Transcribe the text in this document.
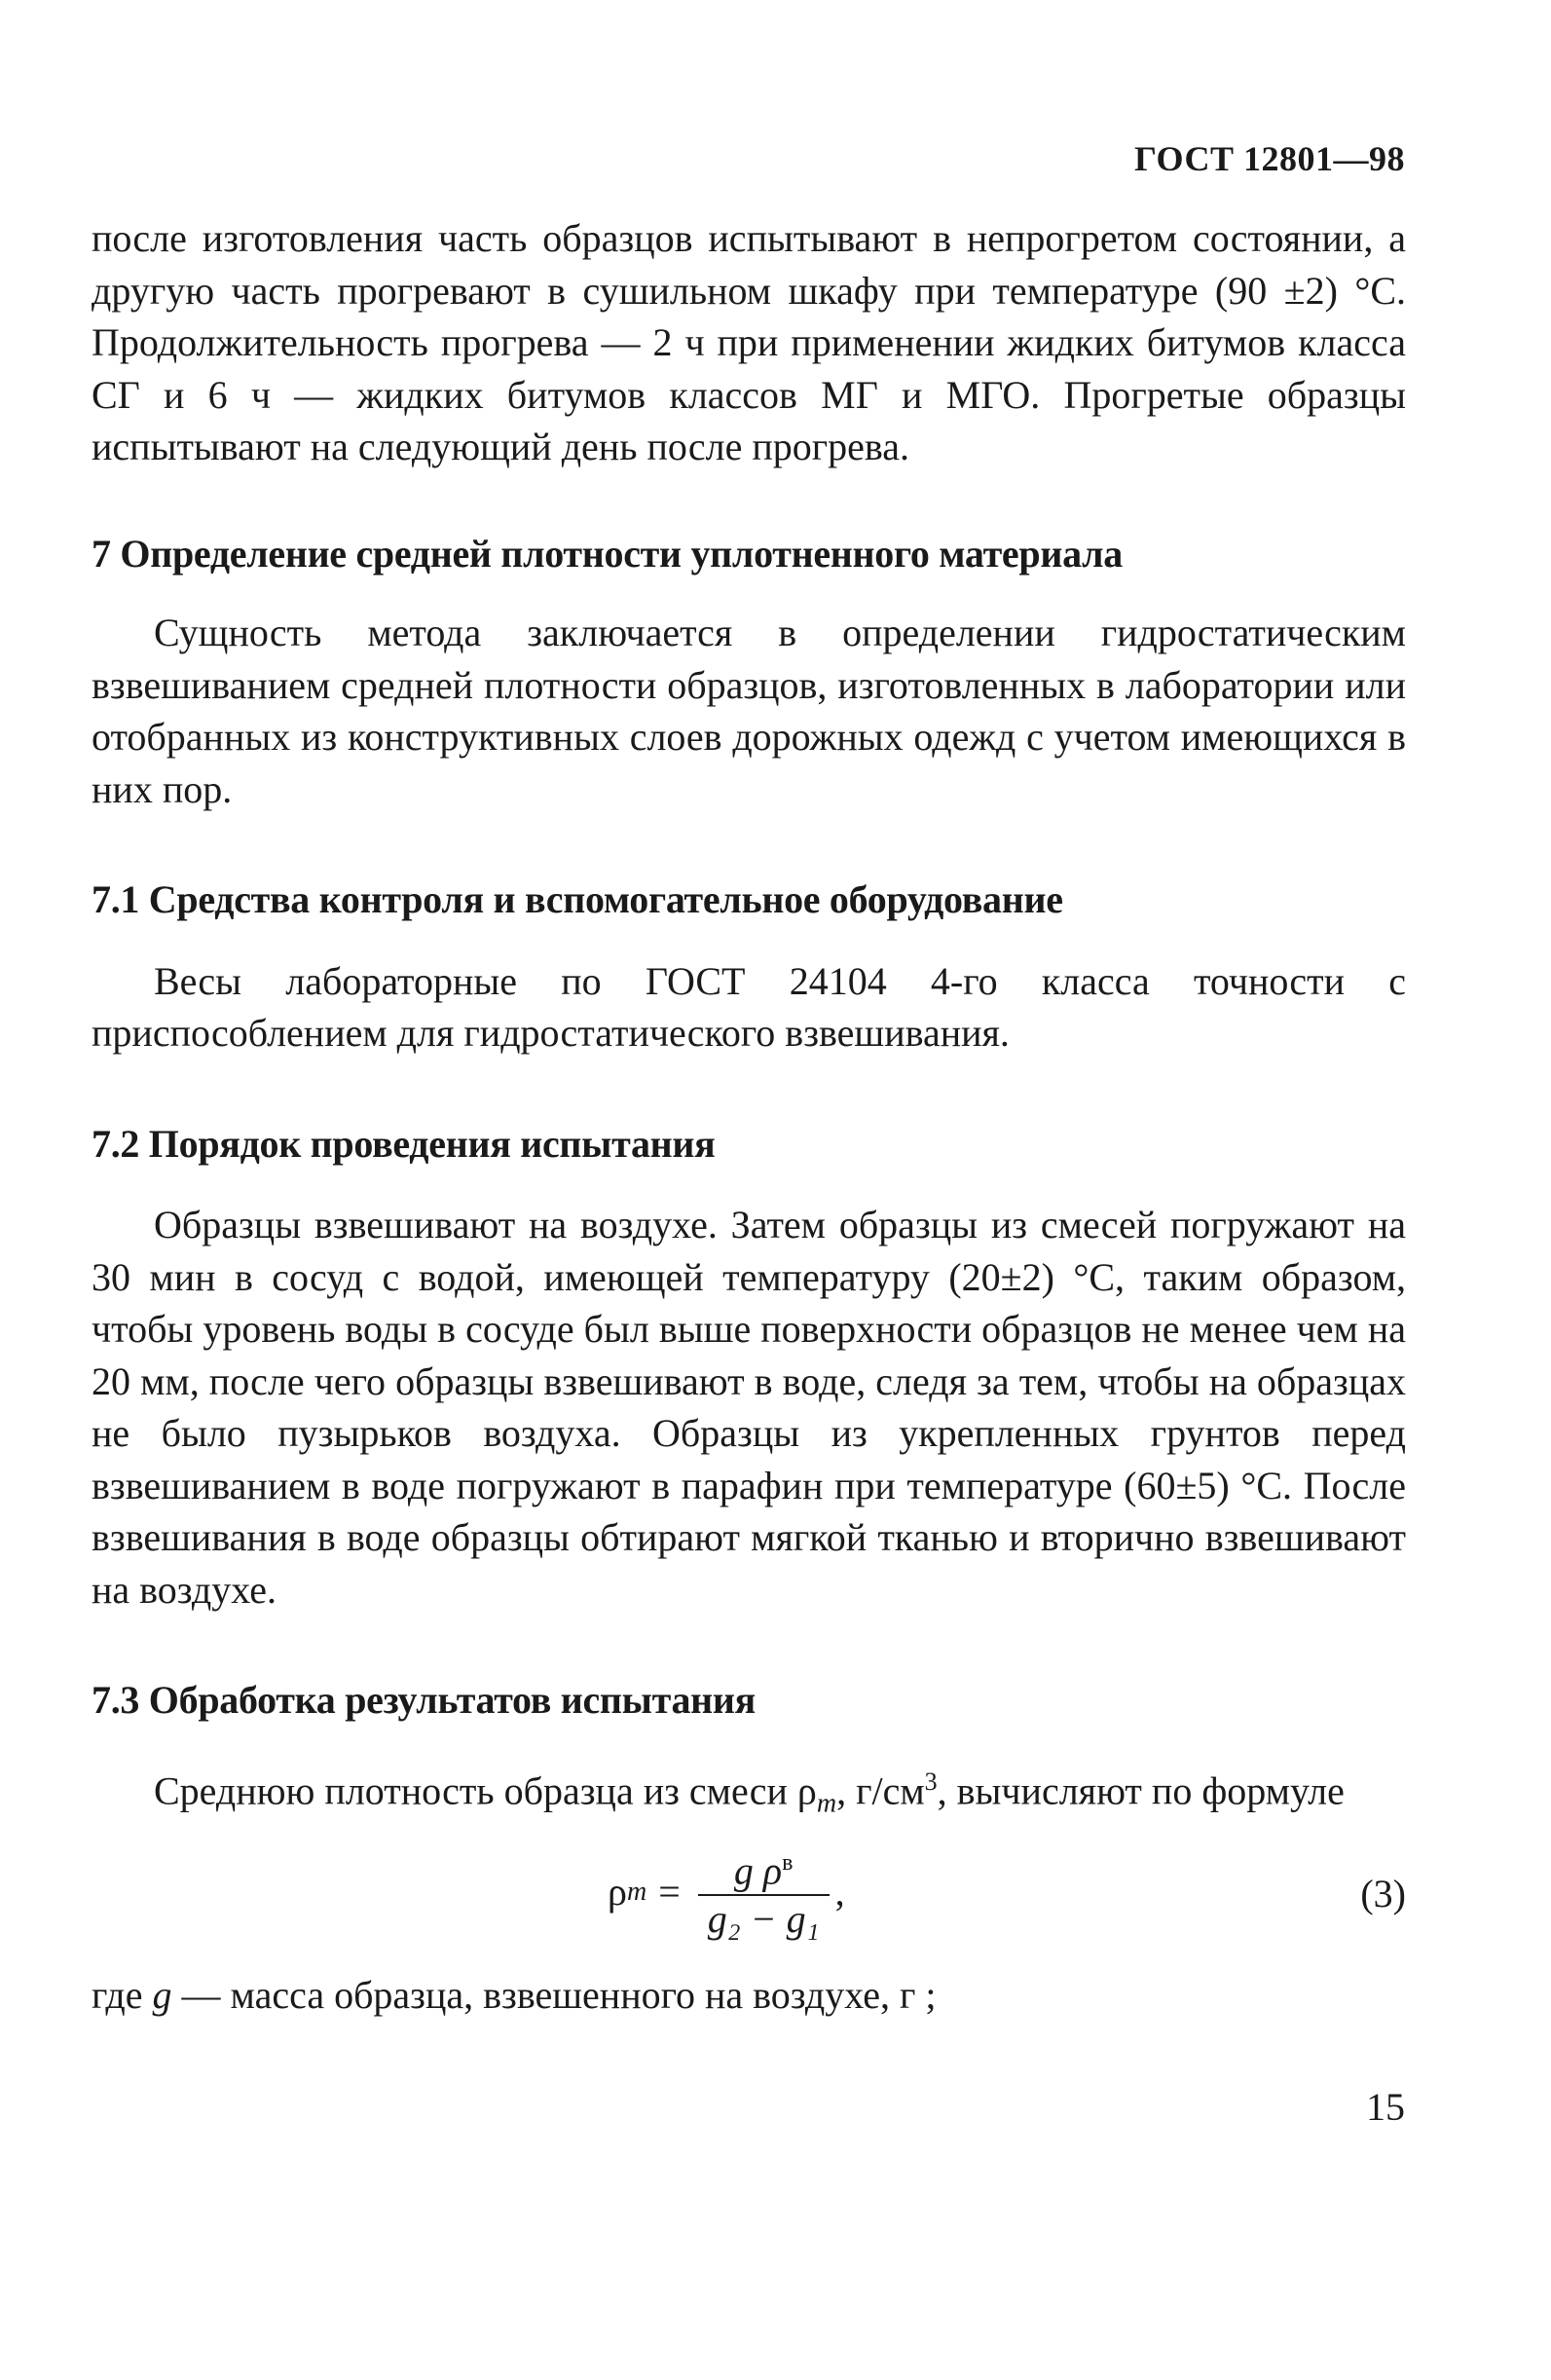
ГОСТ 12801—98

после изготовления часть образцов испытывают в непрогретом состоянии, а другую часть прогревают в сушильном шкафу при температуре (90 ±2) °С. Продолжительность прогрева — 2 ч при применении жидких битумов класса СГ и 6 ч — жидких битумов классов МГ и МГО. Прогретые образцы испытывают на следующий день после прогрева.

7 Определение средней плотности уплотненного материала

Сущность метода заключается в определении гидростатическим взвешиванием средней плотности образцов, изготовленных в лаборатории или отобранных из конструктивных слоев дорожных одежд с учетом имеющихся в них пор.

7.1 Средства контроля и вспомогательное оборудование

Весы лабораторные по ГОСТ 24104 4-го класса точности с приспособлением для гидростатического взвешивания.

7.2 Порядок проведения испытания

Образцы взвешивают на воздухе. Затем образцы из смесей погружают на 30 мин в сосуд с водой, имеющей температуру (20±2) °С, таким образом, чтобы уровень воды в сосуде был выше поверхности образцов не менее чем на 20 мм, после чего образцы взвешивают в воде, следя за тем, чтобы на образцах не было пузырьков воздуха. Образцы из укрепленных грунтов перед взвешиванием в воде погружают в парафин при температуре (60±5) °С. После взвешивания в воде образцы обтирают мягкой тканью и вторично взвешивают на воздухе.

7.3 Обработка результатов испытания

Среднюю плотность образца из смеси $\rho_m$, $г/см^3$, вычисляют по формуле

ρ $m = \frac{g \rho^в}{\text{g₂ − g₁}}$ ,	(3)

где g — масса образца, взвешенного на воздухе, г ;

15
